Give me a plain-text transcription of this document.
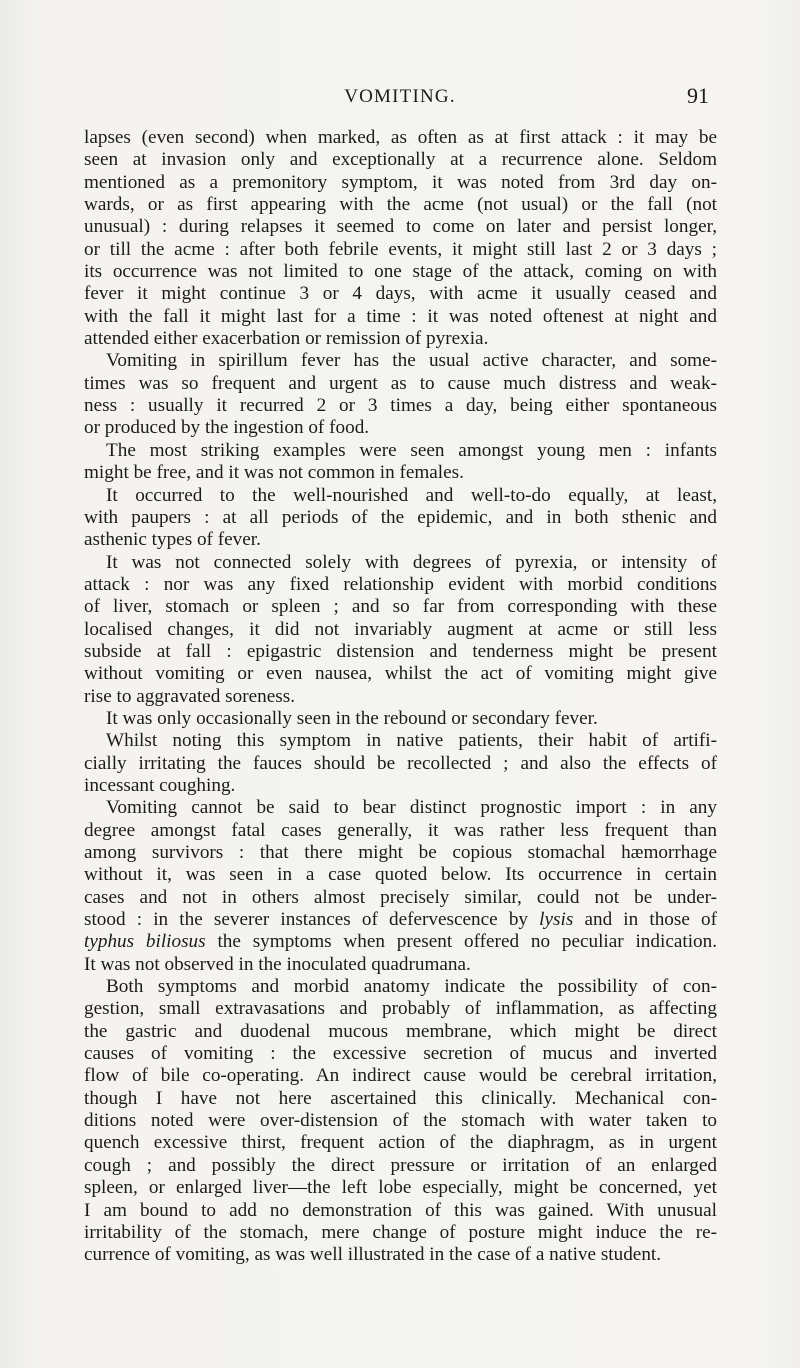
VOMITING.	91
lapses (even second) when marked, as often as at first attack : it may be
seen at invasion only and exceptionally at a recurrence alone. Seldom
mentioned as a premonitory symptom, it was noted from 3rd day on-
wards, or as first appearing with the acme (not usual) or the fall (not
unusual) : during relapses it seemed to come on later and persist longer,
or till the acme : after both febrile events, it might still last 2 or 3 days ;
its occurrence was not limited to one stage of the attack, coming on with
fever it might continue 3 or 4 days, with acme it usually ceased and
with the fall it might last for a time : it was noted oftenest at night and
attended either exacerbation or remission of pyrexia.
Vomiting in spirillum fever has the usual active character, and some-
times was so frequent and urgent as to cause much distress and weak-
ness : usually it recurred 2 or 3 times a day, being either spontaneous
or produced by the ingestion of food.
The most striking examples were seen amongst young men : infants
might be free, and it was not common in females.
It occurred to the well-nourished and well-to-do equally, at least,
with paupers : at all periods of the epidemic, and in both sthenic and
asthenic types of fever.
It was not connected solely with degrees of pyrexia, or intensity of
attack : nor was any fixed relationship evident with morbid conditions
of liver, stomach or spleen ; and so far from corresponding with these
localised changes, it did not invariably augment at acme or still less
subside at fall : epigastric distension and tenderness might be present
without vomiting or even nausea, whilst the act of vomiting might give
rise to aggravated soreness.
It was only occasionally seen in the rebound or secondary fever.
Whilst noting this symptom in native patients, their habit of artifi-
cially irritating the fauces should be recollected ; and also the effects of
incessant coughing.
Vomiting cannot be said to bear distinct prognostic import : in any
degree amongst fatal cases generally, it was rather less frequent than
among survivors : that there might be copious stomachal hæmorrhage
without it, was seen in a case quoted below. Its occurrence in certain
cases and not in others almost precisely similar, could not be under-
stood : in the severer instances of defervescence by lysis and in those of
typhus biliosus the symptoms when present offered no peculiar indication.
It was not observed in the inoculated quadrumana.
Both symptoms and morbid anatomy indicate the possibility of con-
gestion, small extravasations and probably of inflammation, as affecting
the gastric and duodenal mucous membrane, which might be direct
causes of vomiting : the excessive secretion of mucus and inverted
flow of bile co-operating. An indirect cause would be cerebral irritation,
though I have not here ascertained this clinically. Mechanical con-
ditions noted were over-distension of the stomach with water taken to
quench excessive thirst, frequent action of the diaphragm, as in urgent
cough ; and possibly the direct pressure or irritation of an enlarged
spleen, or enlarged liver—the left lobe especially, might be concerned, yet
I am bound to add no demonstration of this was gained. With unusual
irritability of the stomach, mere change of posture might induce the re-
currence of vomiting, as was well illustrated in the case of a native student.
